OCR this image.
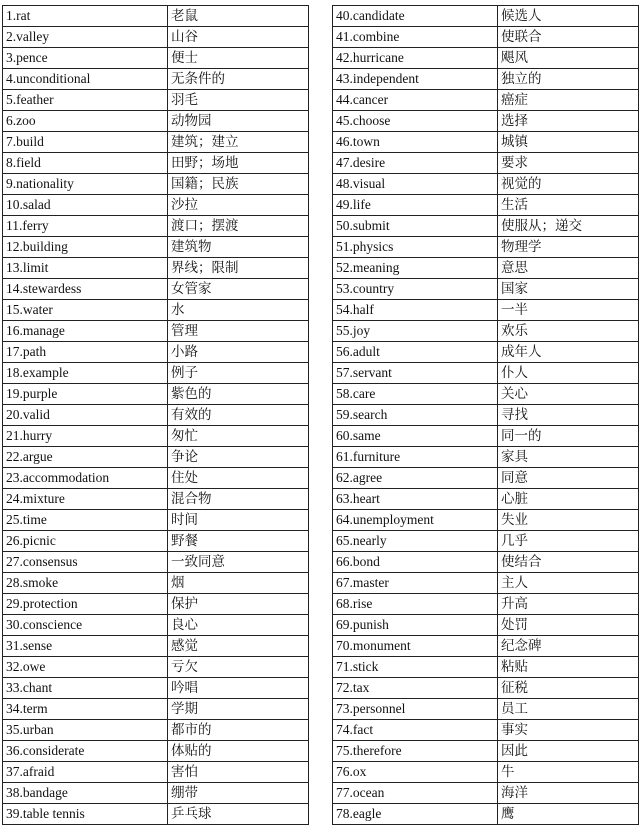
1.rat	老鼠
2.valley	山谷
3.pence	便士
4.unconditional	无条件的
5.feather	羽毛
6.zoo	动物园
7.build	建筑；建立
8.field	田野；场地
9.nationality	国籍；民族
10.salad	沙拉
11.ferry	渡口；摆渡
12.building	建筑物
13.limit	界线；限制
14.stewardess	女管家
15.water	水
16.manage	管理
17.path	小路
18.example	例子
19.purple	紫色的
20.valid	有效的
21.hurry	匆忙
22.argue	争论
23.accommodation	住处
24.mixture	混合物
25.time	时间
26.picnic	野餐
27.consensus	一致同意
28.smoke	烟
29.protection	保护
30.conscience	良心
31.sense	感觉
32.owe	亏欠
33.chant	吟唱
34.term	学期
35.urban	都市的
36.considerate	体贴的
37.afraid	害怕
38.bandage	绷带
39.table tennis	乒乓球
40.candidate	候选人
41.combine	使联合
42.hurricane	飓风
43.independent	独立的
44.cancer	癌症
45.choose	选择
46.town	城镇
47.desire	要求
48.visual	视觉的
49.life	生活
50.submit	使服从；递交
51.physics	物理学
52.meaning	意思
53.country	国家
54.half	一半
55.joy	欢乐
56.adult	成年人
57.servant	仆人
58.care	关心
59.search	寻找
60.same	同一的
61.furniture	家具
62.agree	同意
63.heart	心脏
64.unemployment	失业
65.nearly	几乎
66.bond	使结合
67.master	主人
68.rise	升高
69.punish	处罚
70.monument	纪念碑
71.stick	粘贴
72.tax	征税
73.personnel	员工
74.fact	事实
75.therefore	因此
76.ox	牛
77.ocean	海洋
78.eagle	鹰
